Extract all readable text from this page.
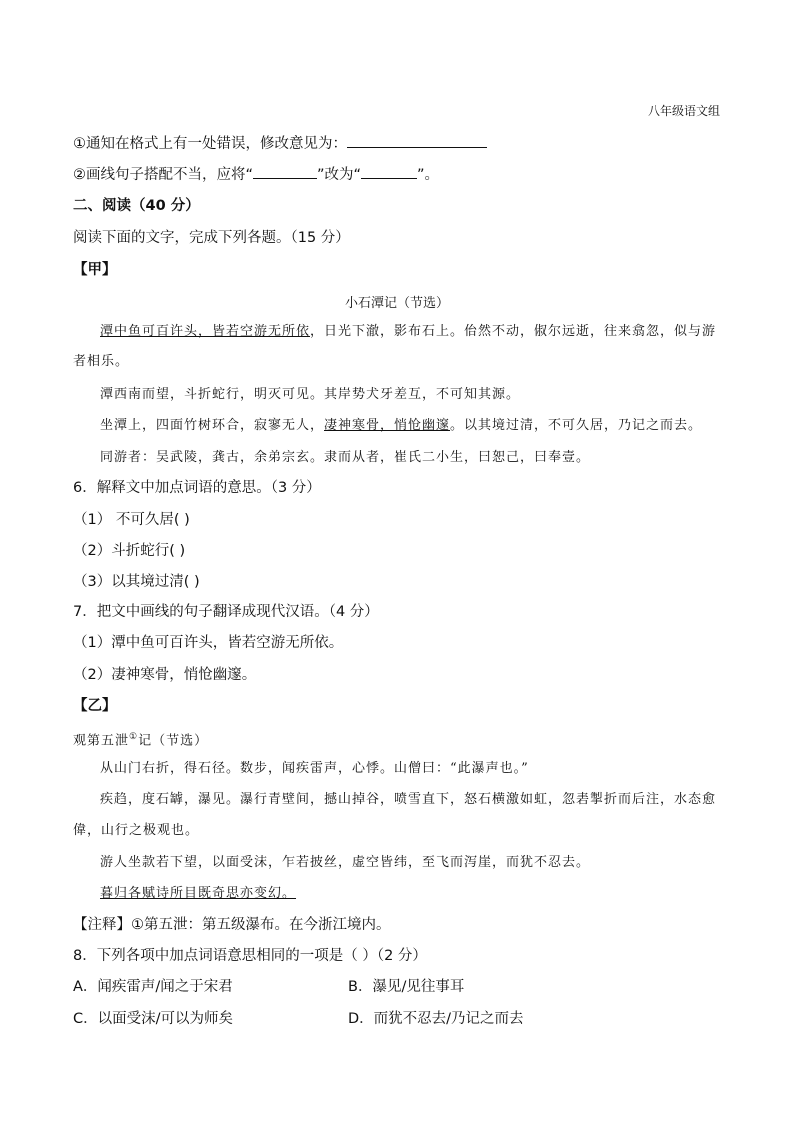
八年级语文组
①通知在格式上有一处错误，修改意见为：
②画线句子搭配不当，应将“	”改为“	”。
二、阅读（40 分）
阅读下面的文字，完成下列各题。（15 分）
【甲】
小石潭记（节选）
潭中鱼可百许头，皆若空游无所依，日光下澈，影布石上。佁然不动，俶尔远逝，往来翕忽，似与游
者相乐。
潭西南而望，斗折蛇行，明灭可见。其岸势犬牙差互，不可知其源。
坐潭上，四面竹树环合，寂寥无人，凄神寒骨，悄怆幽邃。以其境过清，不可久居，乃记之而去。
同游者：吴武陵，龚古，余弟宗玄。隶而从者，崔氏二小生，曰恕己，曰奉壹。
6．解释文中加点词语的意思。（3 分）
（1） 不可久居( )
（2）斗折蛇行( )
（3）以其境过清( )
7．把文中画线的句子翻译成现代汉语。（4 分）
（1）潭中鱼可百许头，皆若空游无所依。
（2）凄神寒骨，悄怆幽邃。
【乙】
观第五泄①记（节选）
从山门右折，得石径。数步，闻疾雷声，心悸。山僧曰：“此瀑声也。”
疾趋，度石罅，瀑见。瀑行青壁间，撼山掉谷，喷雪直下，怒石横激如虹，忽砉掣折而后注，水态愈
偉，山行之极观也。
游人坐款若下望，以面受沫，乍若披丝，虚空皆纬，至飞而泻崖，而犹不忍去。
暮归各赋诗所目既奇思亦变幻。
【注释】①第五泄：第五级瀑布。在今浙江境内。
8．下列各项中加点词语意思相同的一项是（ ）（2 分）
A．闻疾雷声/闻之于宋君	B．瀑见/见往事耳
C．以面受沫/可以为师矣	D．而犹不忍去/乃记之而去
